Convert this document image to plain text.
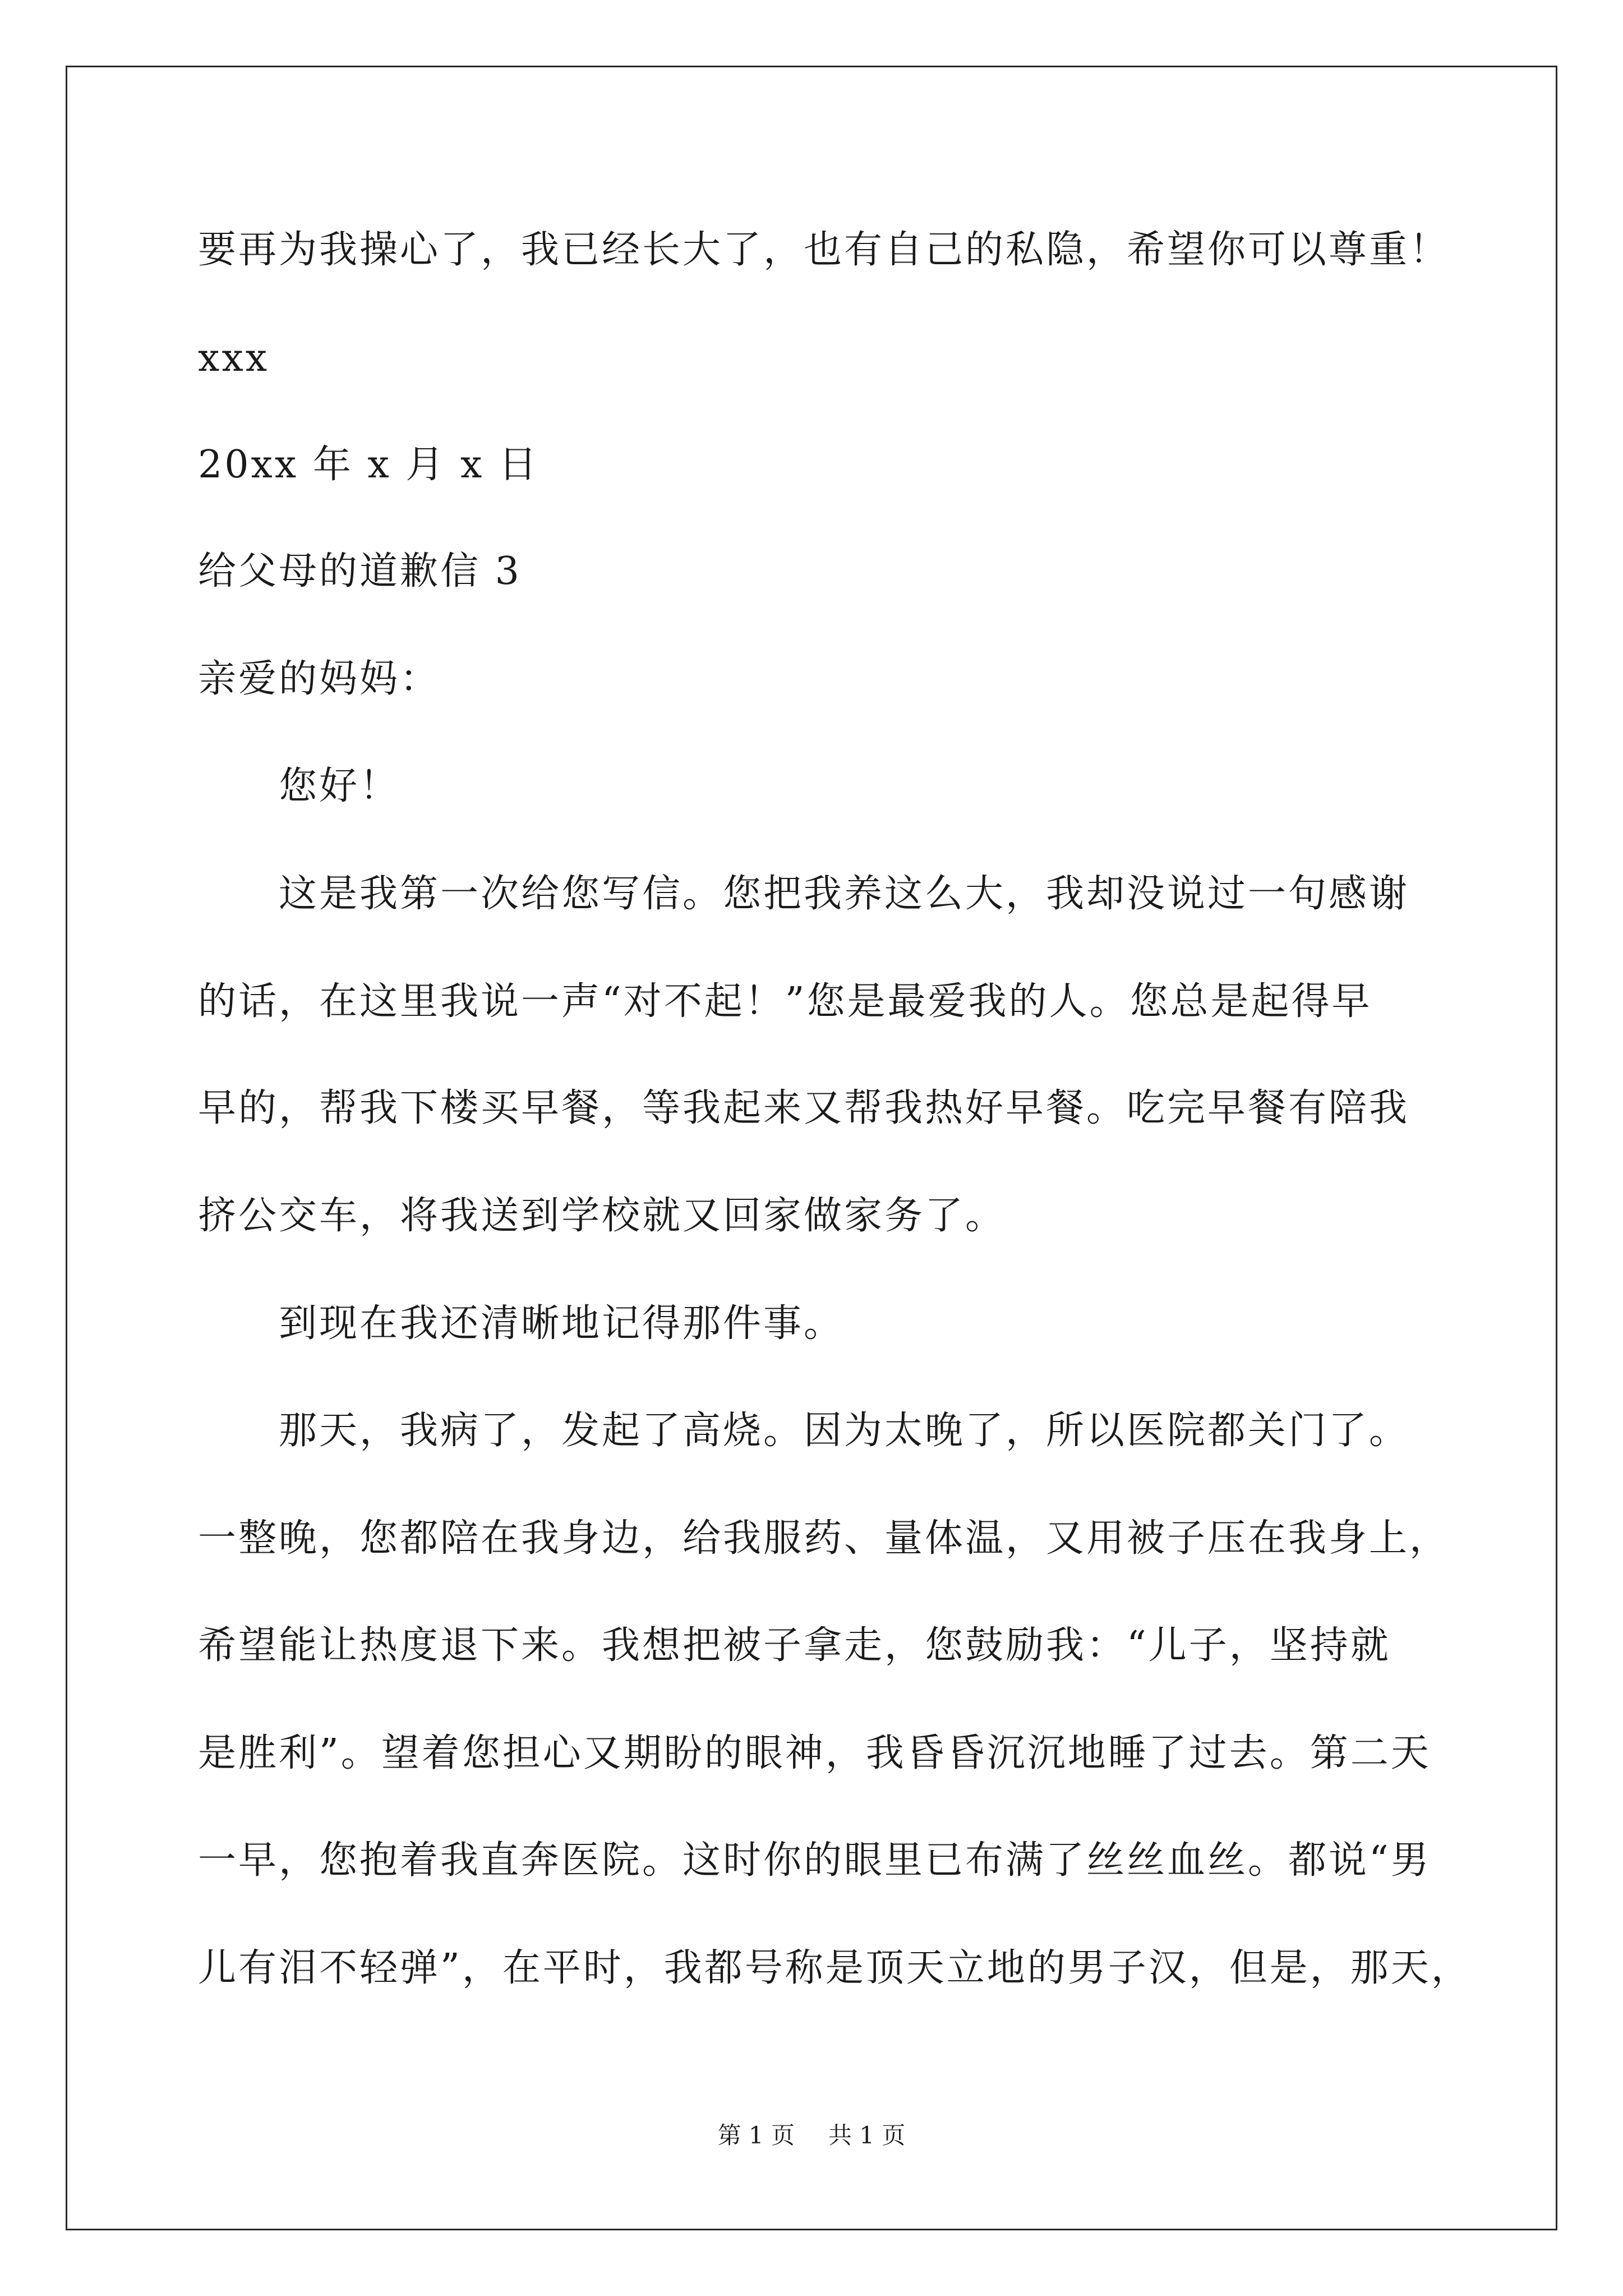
要再为我操心了，我已经长大了，也有自己的私隐，希望你可以尊重！
xxx
20xx 年 x 月 x 日
给父母的道歉信 3
亲爱的妈妈：
您好！
这是我第一次给您写信。您把我养这么大，我却没说过一句感谢
的话，在这里我说一声“对不起！”您是最爱我的人。您总是起得早
早的，帮我下楼买早餐，等我起来又帮我热好早餐。吃完早餐有陪我
挤公交车，将我送到学校就又回家做家务了。
到现在我还清晰地记得那件事。
那天，我病了，发起了高烧。因为太晚了，所以医院都关门了。
一整晚，您都陪在我身边，给我服药、量体温，又用被子压在我身上，
希望能让热度退下来。我想把被子拿走，您鼓励我：“儿子，坚持就
是胜利”。望着您担心又期盼的眼神，我昏昏沉沉地睡了过去。第二天
一早，您抱着我直奔医院。这时你的眼里已布满了丝丝血丝。都说“男
儿有泪不轻弹”，在平时，我都号称是顶天立地的男子汉，但是，那天，
第 1 页 共 1 页
